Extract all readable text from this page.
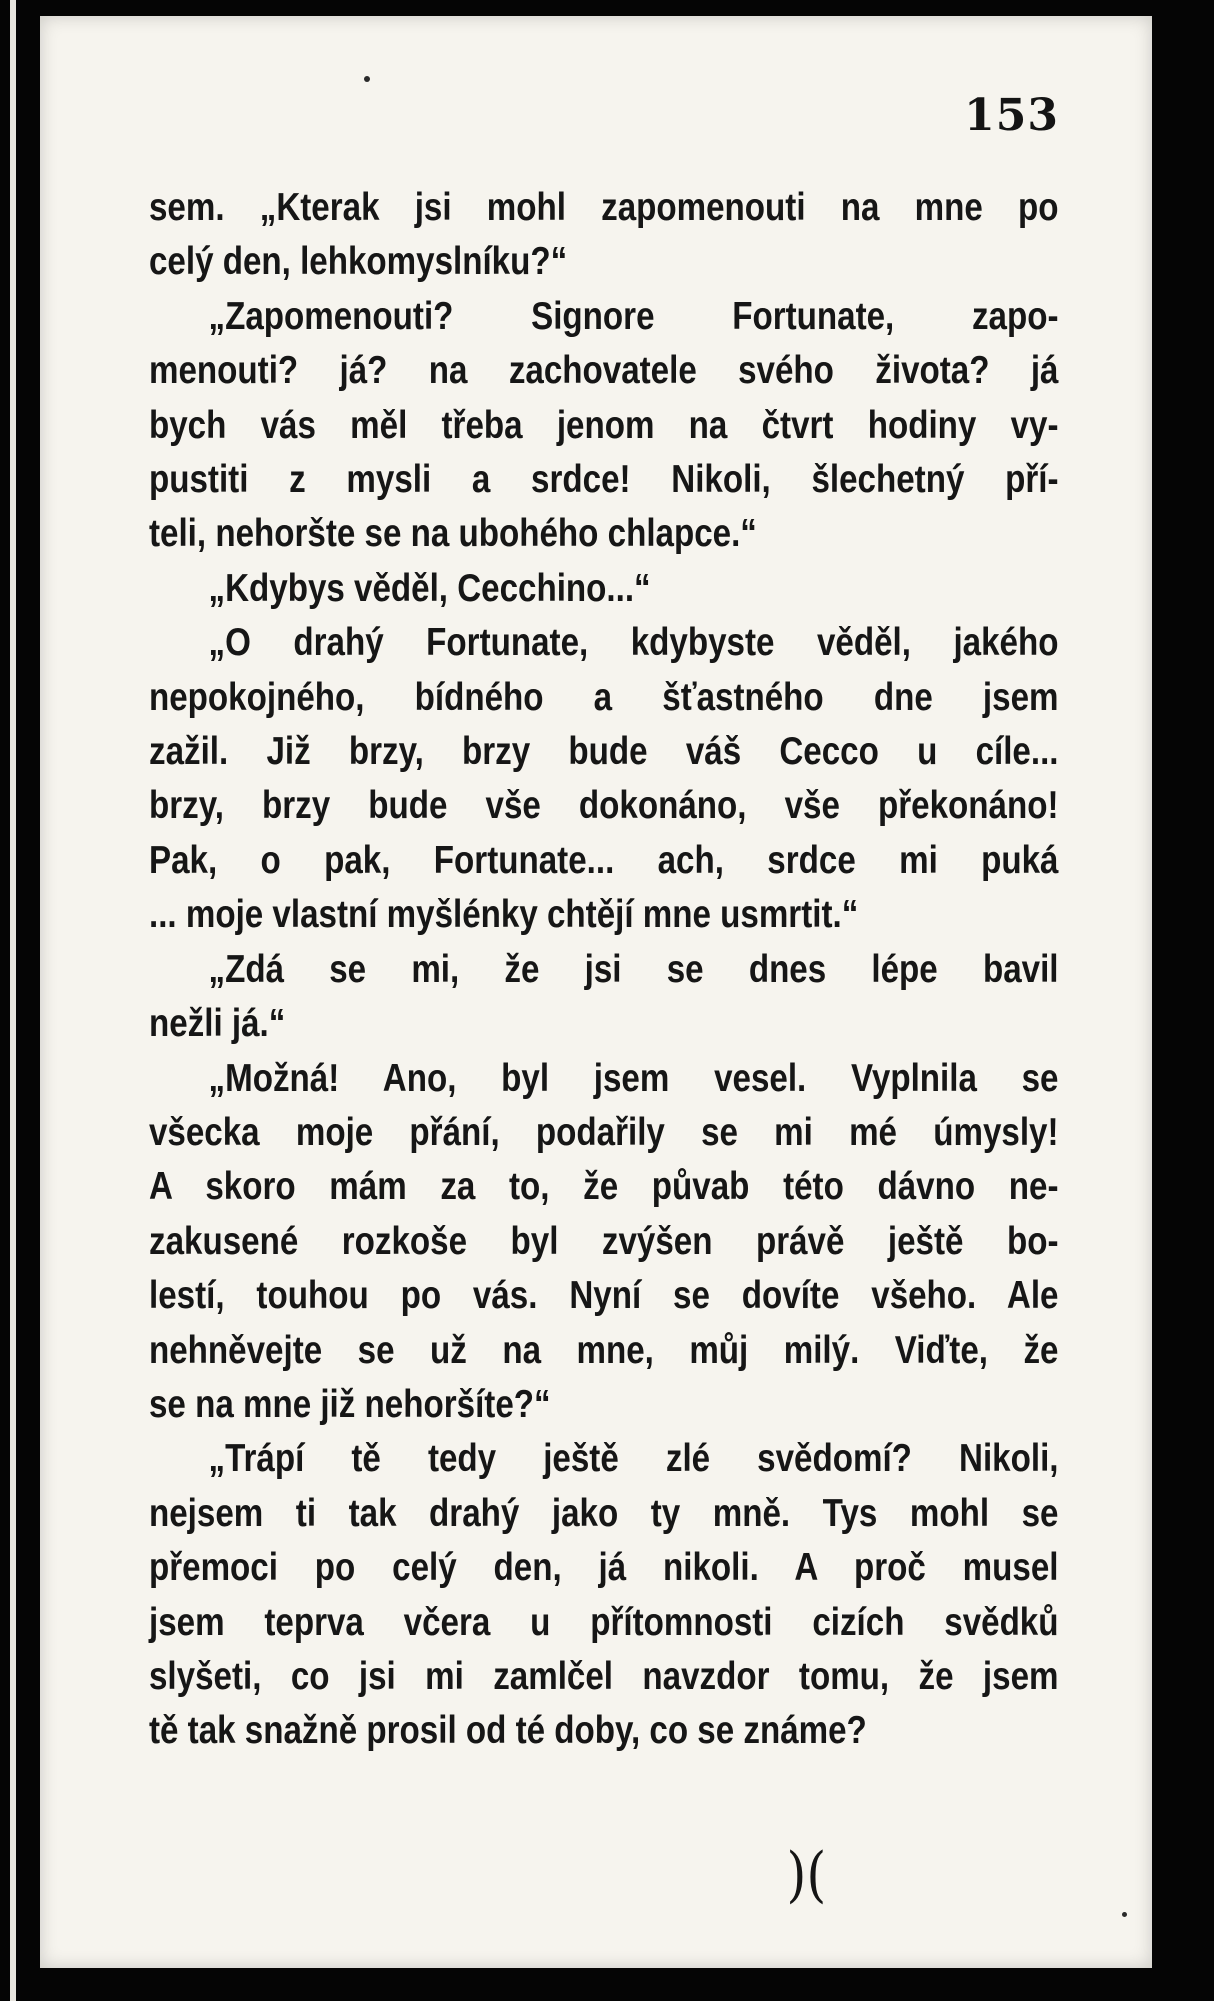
153
sem. „Kterak jsi mohl zapomenouti na mne po
celý den, lehkomyslníku?“
„Zapomenouti? Signore Fortunate, zapo-
menouti? já? na zachovatele svého života? já
bych vás měl třeba jenom na čtvrt hodiny vy-
pustiti z mysli a srdce! Nikoli, šlechetný pří-
teli, nehoršte se na ubohého chlapce.“
„Kdybys věděl, Cecchino...“
„O drahý Fortunate, kdybyste věděl, jakého
nepokojného, bídného a šťastného dne jsem
zažil. Již brzy, brzy bude váš Cecco u cíle...
brzy, brzy bude vše dokonáno, vše překonáno!
Pak, o pak, Fortunate... ach, srdce mi puká
... moje vlastní myšlénky chtějí mne usmrtit.“
„Zdá se mi, že jsi se dnes lépe bavil
nežli já.“
„Možná! Ano, byl jsem vesel. Vyplnila se
všecka moje přání, podařily se mi mé úmysly!
A skoro mám za to, že půvab této dávno ne-
zakusené rozkoše byl zvýšen právě ještě bo-
lestí, touhou po vás. Nyní se dovíte všeho. Ale
nehněvejte se už na mne, můj milý. Viďte, že
se na mne již nehoršíte?“
„Trápí tě tedy ještě zlé svědomí? Nikoli,
nejsem ti tak drahý jako ty mně. Tys mohl se
přemoci po celý den, já nikoli. A proč musel
jsem teprva včera u přítomnosti cizích svědků
slyšeti, co jsi mi zamlčel navzdor tomu, že jsem
tě tak snažně prosil od té doby, co se známe?
)(
